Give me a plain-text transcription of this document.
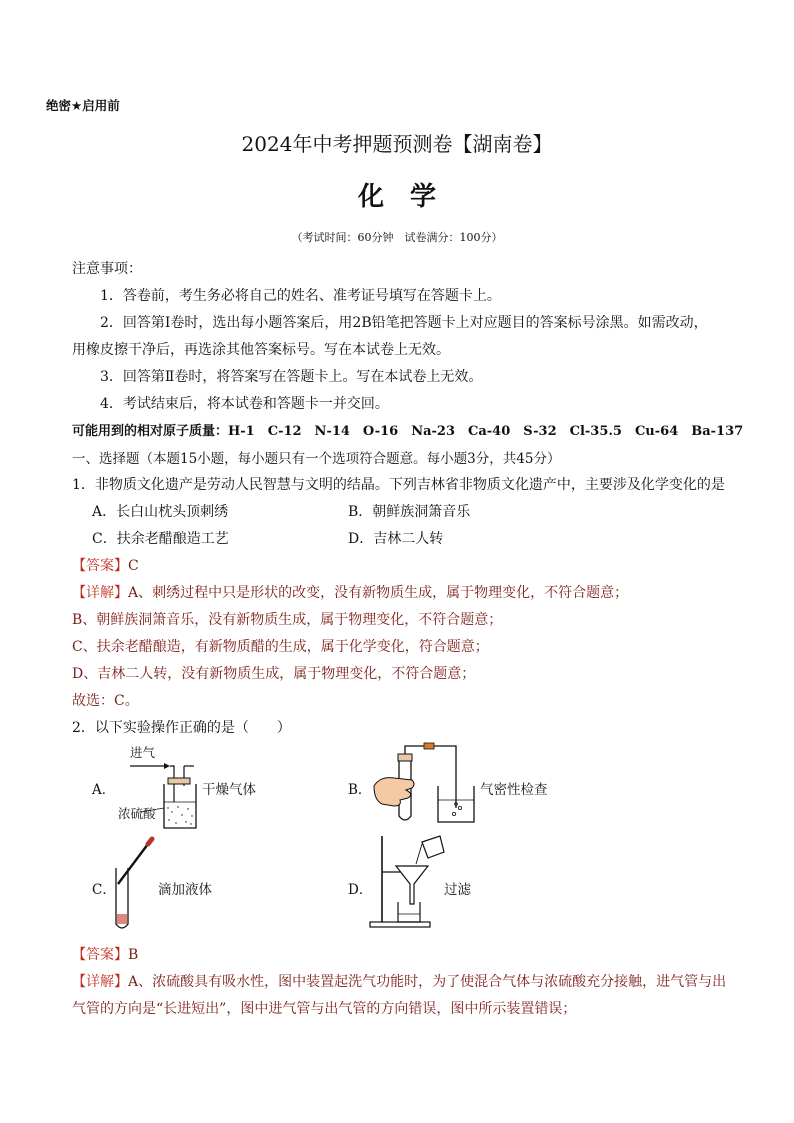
绝密★启用前
2024年中考押题预测卷【湖南卷】
化学
（考试时间：60分钟　试卷满分：100分）
注意事项：
1．答卷前，考生务必将自己的姓名、准考证号填写在答题卡上。
2．回答第Ⅰ卷时，选出每小题答案后，用2B铅笔把答题卡上对应题目的答案标号涂黑。如需改动，
用橡皮擦干净后，再选涂其他答案标号。写在本试卷上无效。
3．回答第Ⅱ卷时，将答案写在答题卡上。写在本试卷上无效。
4．考试结束后，将本试卷和答题卡一并交回。
可能用到的相对原子质量：H-1　C-12　N-14　O-16　Na-23　Ca-40　S-32　Cl-35.5　Cu-64　Ba-137
一、选择题（本题15小题，每小题只有一个选项符合题意。每小题3分，共45分）
1．非物质文化遗产是劳动人民智慧与文明的结晶。下列吉林省非物质文化遗产中，主要涉及化学变化的是
A．长白山枕头顶刺绣	B．朝鲜族洞箫音乐
C．扶余老醋酿造工艺	D．吉林二人转
【答案】C
【详解】A、刺绣过程中只是形状的改变，没有新物质生成，属于物理变化，不符合题意；
B、朝鲜族洞箫音乐，没有新物质生成，属于物理变化，不符合题意；
C、扶余老醋酿造，有新物质醋的生成，属于化学变化，符合题意；
D、吉林二人转，没有新物质生成，属于物理变化，不符合题意；
故选：C。
2．以下实验操作正确的是（　　）
A．
进气
浓硫酸
干燥气体	B．	气密性检查
C．	滴加液体	D．	过滤
【答案】B
【详解】A、浓硫酸具有吸水性，图中装置起洗气功能时，为了使混合气体与浓硫酸充分接触，进气管与出
气管的方向是“长进短出”，图中进气管与出气管的方向错误，图中所示装置错误；
